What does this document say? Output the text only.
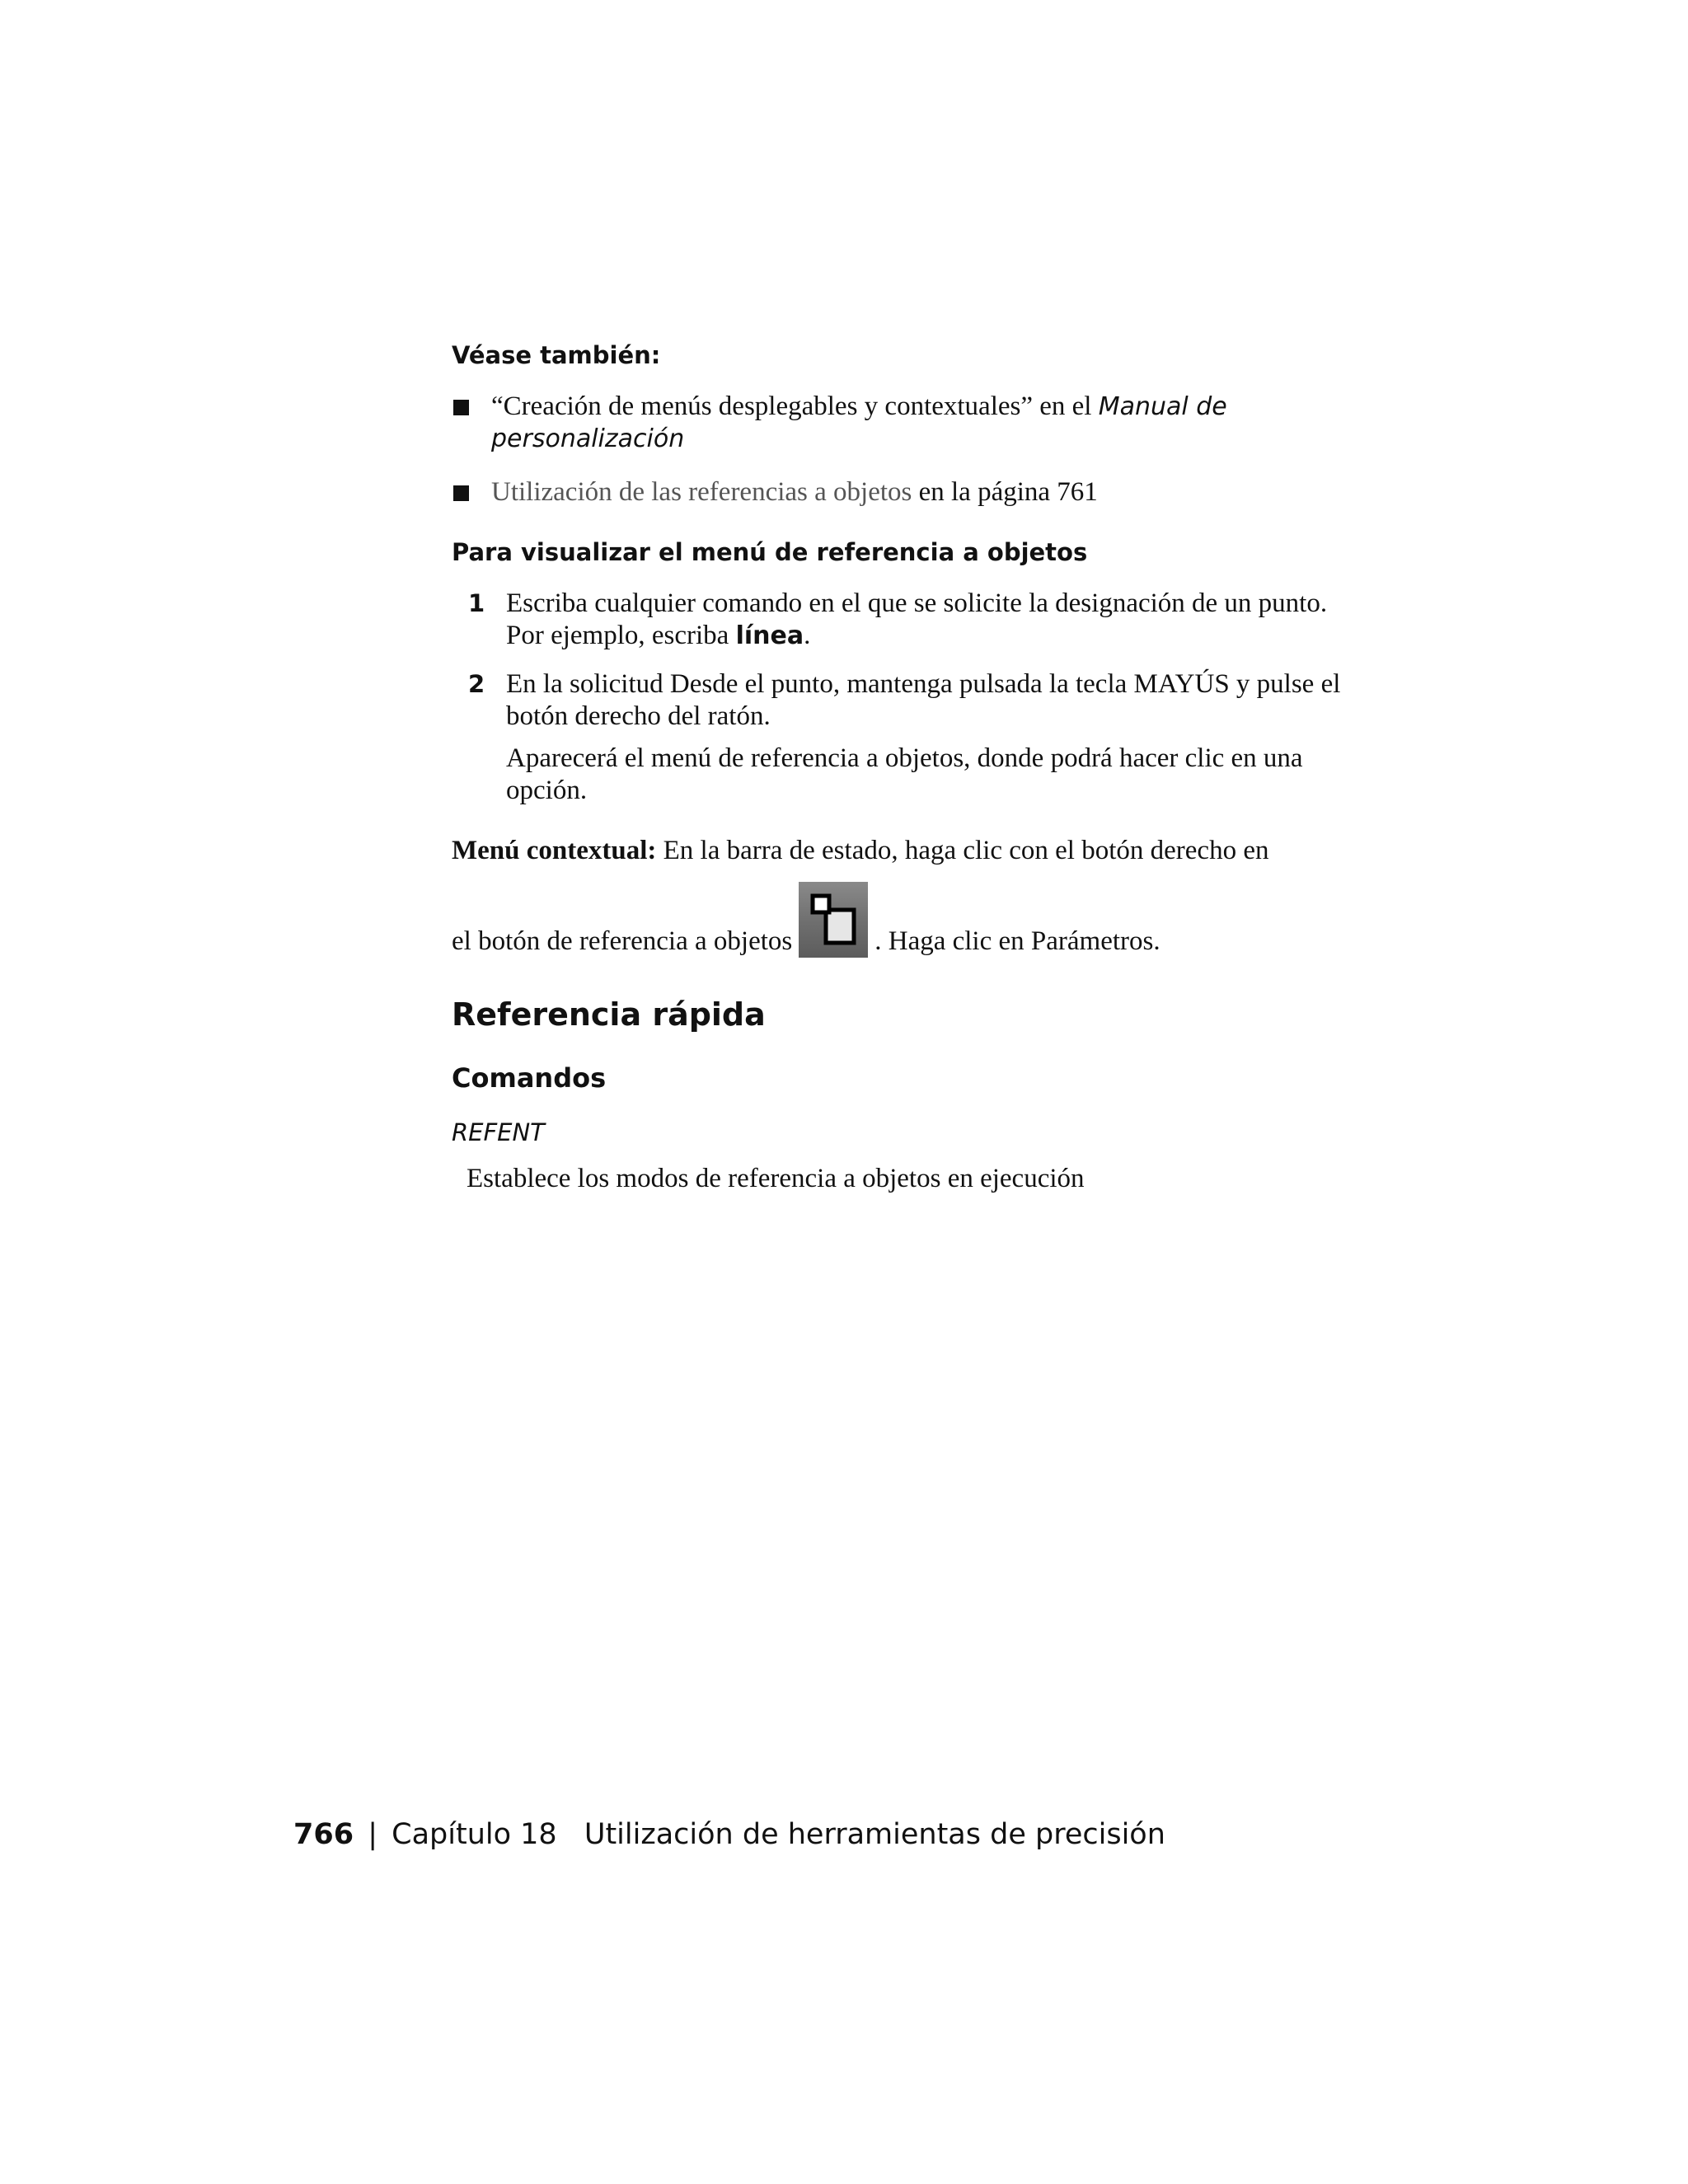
Véase también:
“Creación de menús desplegables y contextuales” en el Manual de personalización
Utilización de las referencias a objetos en la página 761
Para visualizar el menú de referencia a objetos
1 Escriba cualquier comando en el que se solicite la designación de un punto. Por ejemplo, escriba línea.
2 En la solicitud Desde el punto, mantenga pulsada la tecla MAYÚS y pulse el botón derecho del ratón.
Aparecerá el menú de referencia a objetos, donde podrá hacer clic en una opción.
Menú contextual: En la barra de estado, haga clic con el botón derecho en
el botón de referencia a objetos	. Haga clic en Parámetros.
Referencia rápida
Comandos
REFENT
Establece los modos de referencia a objetos en ejecución
766 | Capítulo 18 Utilización de herramientas de precisión
